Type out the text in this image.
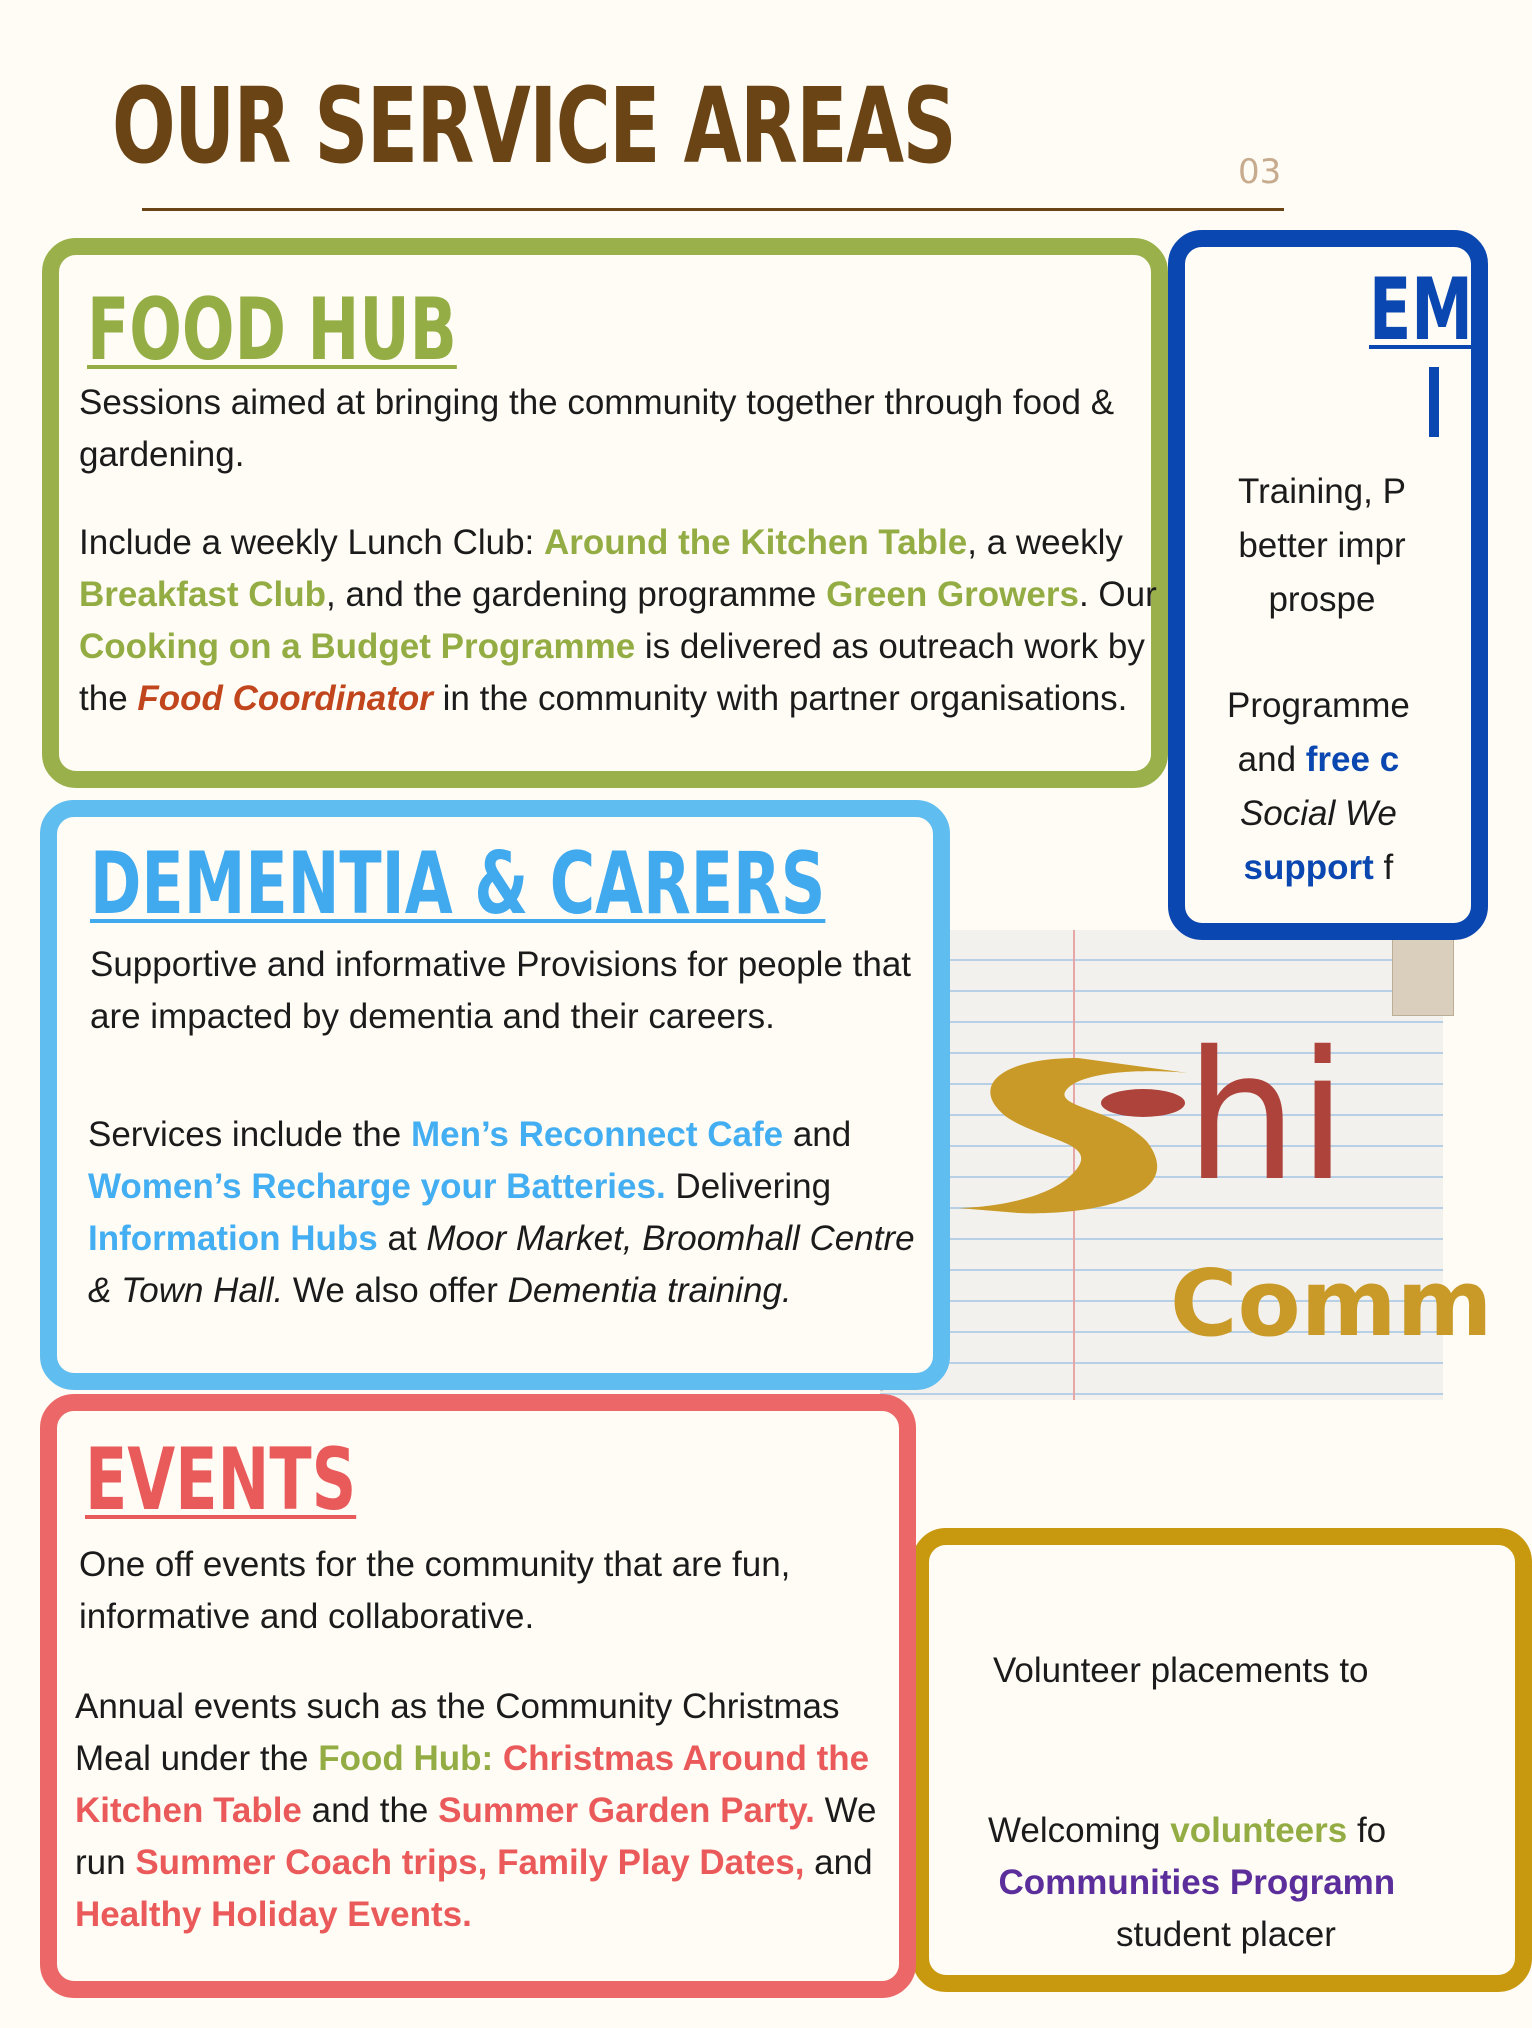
OUR SERVICE AREAS	03
hi
Comm
EM

Training, P
better impr
prospe

Programme
and free c
Social We
support f

Volunteer placements to

Welcoming volunteers fo
Communities Programn
student placer

FOOD HUB

Sessions aimed at bringing the community together through food & gardening.

Include a weekly Lunch Club: Around the Kitchen Table, a weekly Breakfast Club, and the gardening programme Green Growers. Our Cooking on a Budget Programme is delivered as outreach work by the Food Coordinator in the community with partner organisations.

DEMENTIA & CARERS

Supportive and informative Provisions for people that are impacted by dementia and their careers.

Services include the Men’s Reconnect Cafe and Women’s Recharge your Batteries. Delivering Information Hubs at Moor Market, Broomhall Centre & Town Hall. We also offer Dementia training.

EVENTS

One off events for the community that are fun, informative and collaborative.

Annual events such as the Community Christmas Meal under the Food Hub: Christmas Around the Kitchen Table and the Summer Garden Party. We run Summer Coach trips, Family Play Dates, and Healthy Holiday Events.
